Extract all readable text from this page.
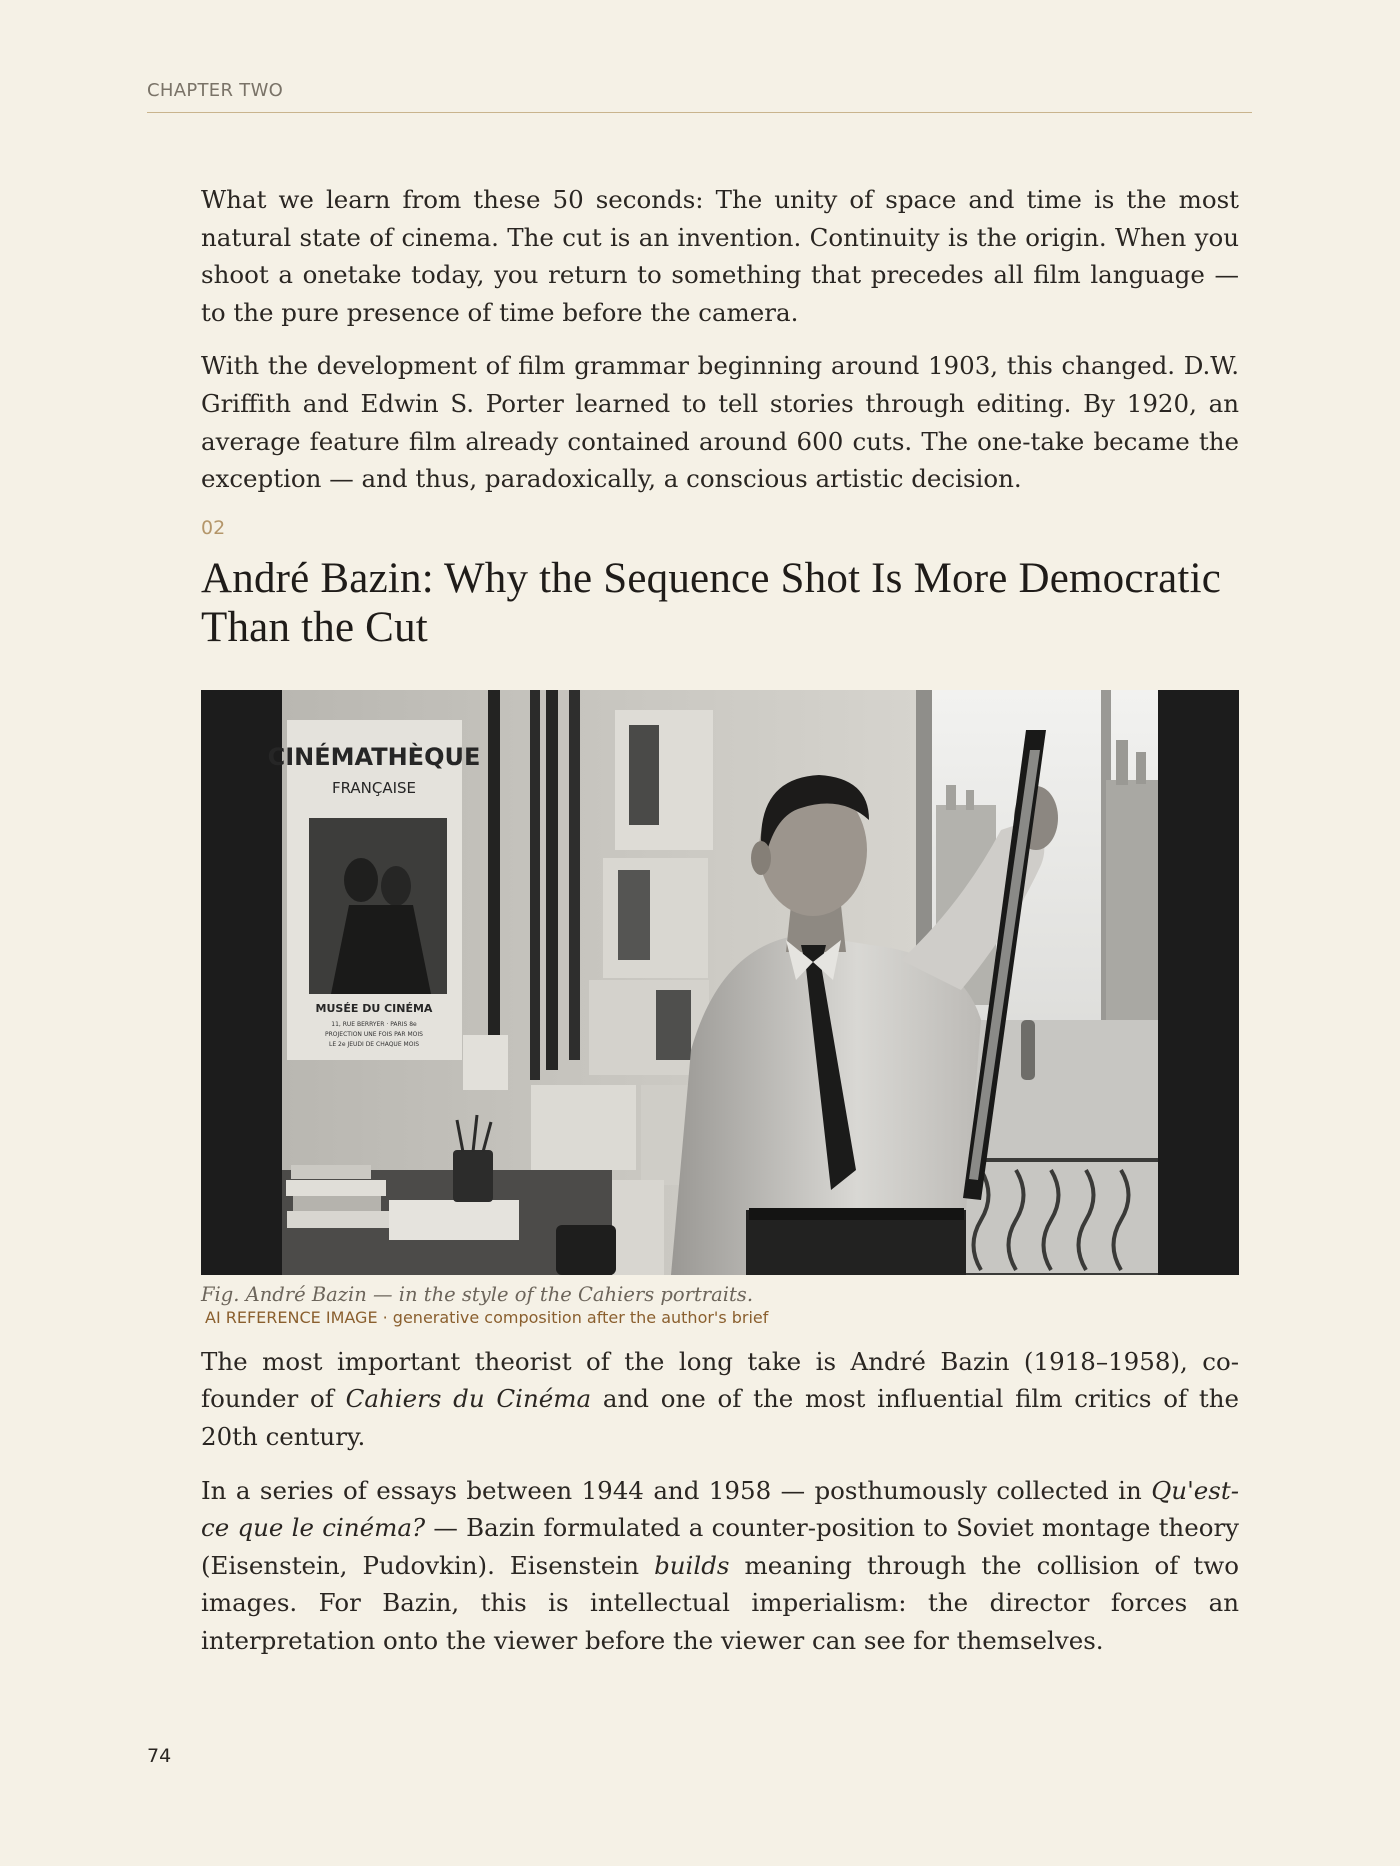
CHAPTER TWO

What we learn from these 50 seconds: The unity of space and time is the most natural state of cinema. The cut is an invention. Continuity is the origin. When you shoot a onetake today, you return to something that precedes all film language — to the pure presence of time before the camera.

With the development of film grammar beginning around 1903, this changed. D.W. Griffith and Edwin S. Porter learned to tell stories through editing. By 1920, an average feature film already contained around 600 cuts. The one-take became the exception — and thus, paradoxically, a conscious artistic decision.

02
André Bazin: Why the Sequence Shot Is More Democratic Than the Cut
CINÉMATHÈQUE
FRANÇAISE
MUSÉE DU CINÉMA
11, RUE BERRYER · PARIS 8e
PROJECTION UNE FOIS PAR MOIS
LE 2e JEUDI DE CHAQUE MOIS
Fig. André Bazin — in the style of the Cahiers portraits.
AI REFERENCE IMAGE · generative composition after the author's brief

The most important theorist of the long take is André Bazin (1918–1958), co-founder of Cahiers du Cinéma and one of the most influential film critics of the 20th century.

In a series of essays between 1944 and 1958 — posthumously collected in Qu'est-ce que le cinéma? — Bazin formulated a counter-position to Soviet montage theory (Eisenstein, Pudovkin). Eisenstein builds meaning through the collision of two images. For Bazin, this is intellectual imperialism: the director forces an interpretation onto the viewer before the viewer can see for themselves.

74
